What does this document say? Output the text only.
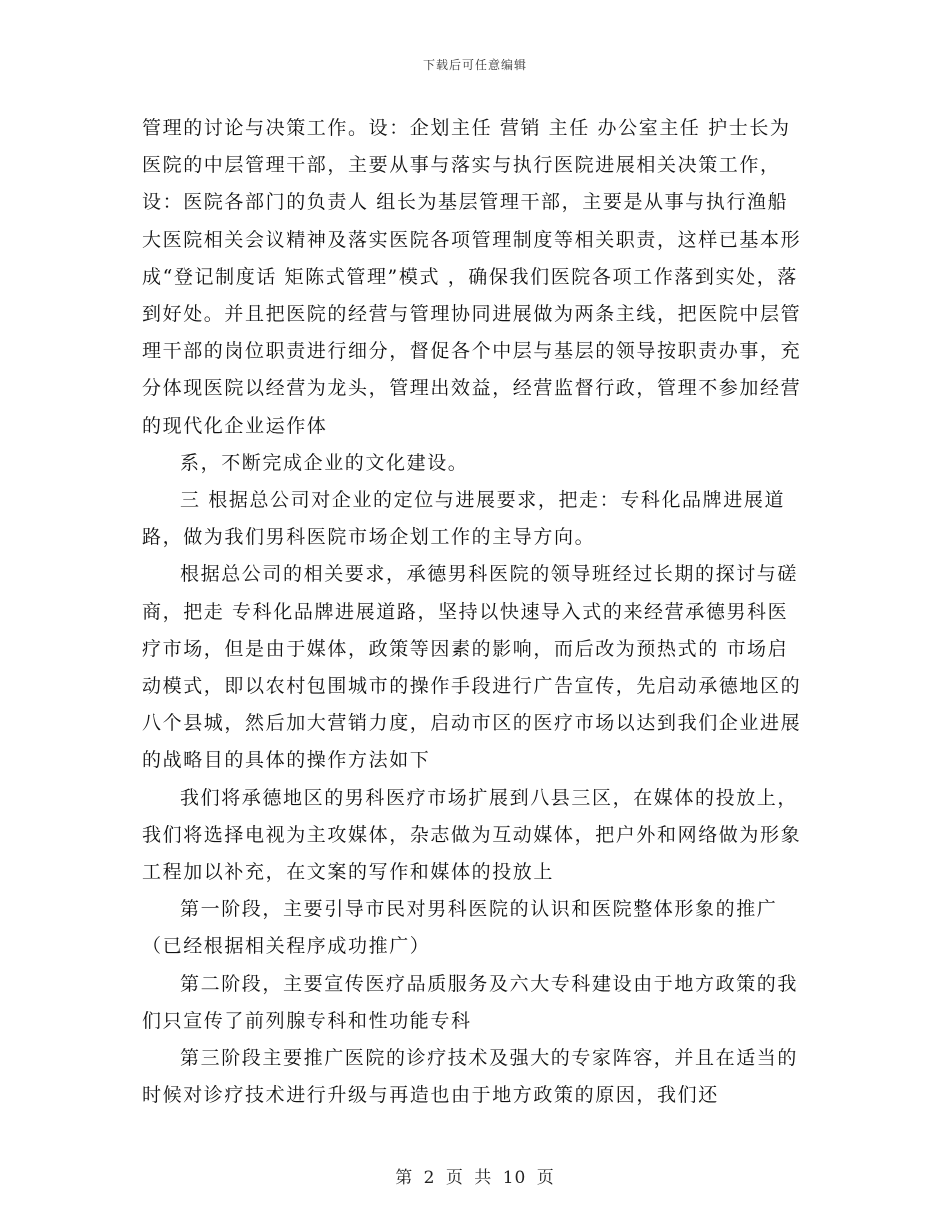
下载后可任意编辑

管理的讨论与决策工作。设：企划主任 营销 主任 办公室主任 护士长为医院的中层管理干部，主要从事与落实与执行医院进展相关决策工作，设：医院各部门的负责人 组长为基层管理干部，主要是从事与执行渔船大医院相关会议精神及落实医院各项管理制度等相关职责，这样已基本形成“登记制度话 矩陈式管理”模式 ，确保我们医院各项工作落到实处，落到好处。并且把医院的经营与管理协同进展做为两条主线，把医院中层管理干部的岗位职责进行细分，督促各个中层与基层的领导按职责办事，充分体现医院以经营为龙头，管理出效益，经营监督行政，管理不参加经营的现代化企业运作体

系，不断完成企业的文化建设。

三 根据总公司对企业的定位与进展要求，把走：专科化品牌进展道路，做为我们男科医院市场企划工作的主导方向。

根据总公司的相关要求，承德男科医院的领导班经过长期的探讨与磋商，把走 专科化品牌进展道路，坚持以快速导入式的来经营承德男科医疗市场，但是由于媒体，政策等因素的影响，而后改为预热式的 市场启动模式，即以农村包围城市的操作手段进行广告宣传，先启动承德地区的八个县城，然后加大营销力度，启动市区的医疗市场以达到我们企业进展的战略目的具体的操作方法如下

我们将承德地区的男科医疗市场扩展到八县三区，在媒体的投放上，我们将选择电视为主攻媒体，杂志做为互动媒体，把户外和网络做为形象工程加以补充，在文案的写作和媒体的投放上

第一阶段，主要引导市民对男科医院的认识和医院整体形象的推广（已经根据相关程序成功推广）

第二阶段，主要宣传医疗品质服务及六大专科建设由于地方政策的我们只宣传了前列腺专科和性功能专科

第三阶段主要推广医院的诊疗技术及强大的专家阵容，并且在适当的时候对诊疗技术进行升级与再造也由于地方政策的原因，我们还

第 2 页 共 10 页
